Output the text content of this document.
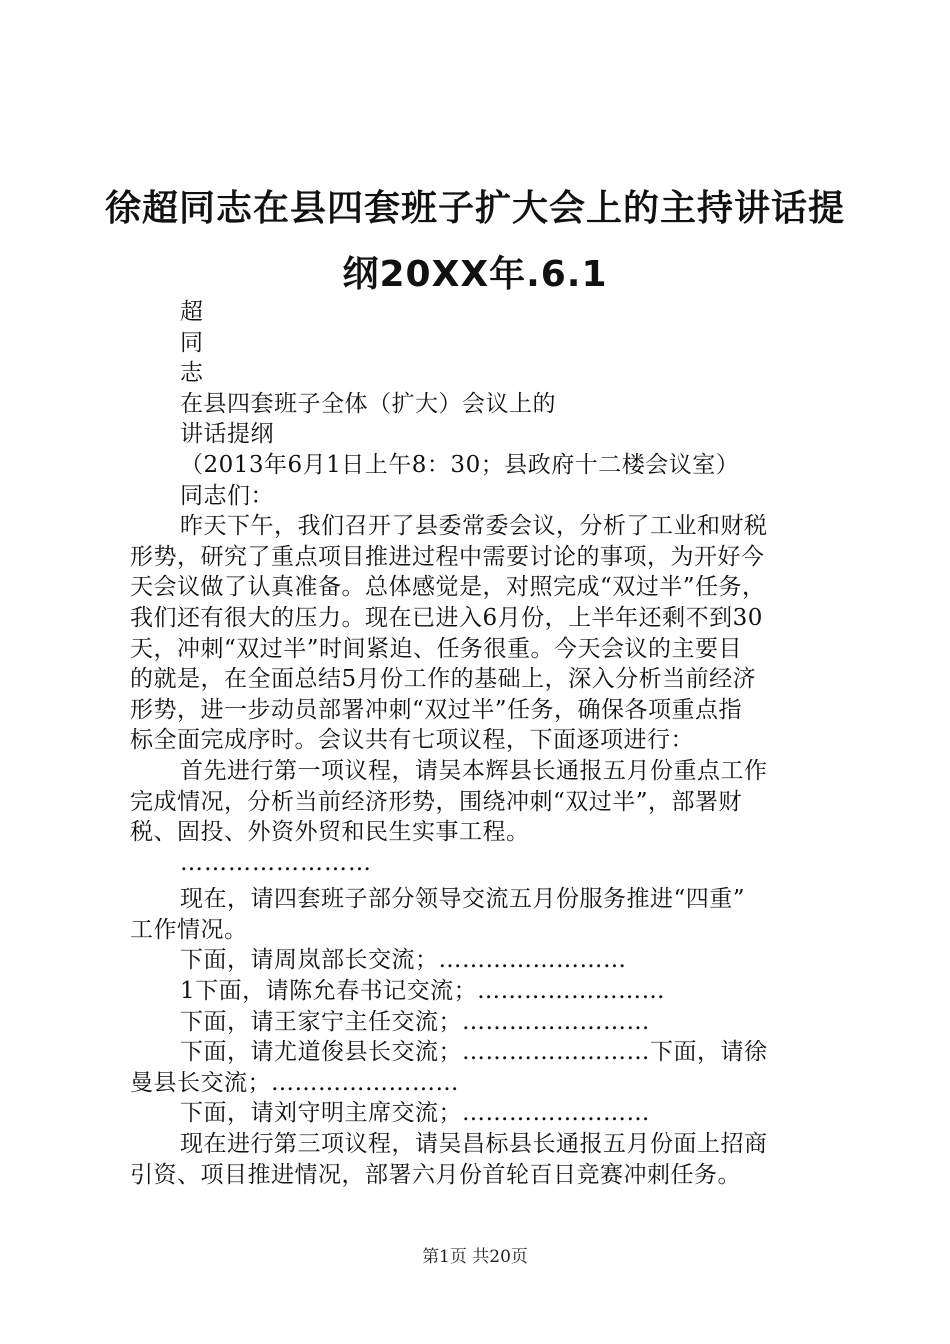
徐超同志在县四套班子扩大会上的主持讲话提
纲20XX年.6.1
超
同
志
在县四套班子全体（扩大）会议上的
讲话提纲
（2013年6月1日上午8：30；县政府十二楼会议室）
同志们：
昨天下午，我们召开了县委常委会议，分析了工业和财税
形势，研究了重点项目推进过程中需要讨论的事项，为开好今
天会议做了认真准备。总体感觉是，对照完成“双过半”任务，
我们还有很大的压力。现在已进入6月份，上半年还剩不到30
天，冲刺“双过半”时间紧迫、任务很重。今天会议的主要目
的就是，在全面总结5月份工作的基础上，深入分析当前经济
形势，进一步动员部署冲刺“双过半”任务，确保各项重点指
标全面完成序时。会议共有七项议程，下面逐项进行：
首先进行第一项议程，请吴本辉县长通报五月份重点工作
完成情况，分析当前经济形势，围绕冲刺“双过半”，部署财
税、固投、外资外贸和民生实事工程。
……………………
现在，请四套班子部分领导交流五月份服务推进“四重”
工作情况。
下面，请周岚部长交流；……………………
1下面，请陈允春书记交流；……………………
下面，请王家宁主任交流；……………………
下面，请尤道俊县长交流；……………………下面，请徐
曼县长交流；……………………
下面，请刘守明主席交流；……………………
现在进行第三项议程，请吴昌标县长通报五月份面上招商
引资、项目推进情况，部署六月份首轮百日竞赛冲刺任务。
第1页 共20页
